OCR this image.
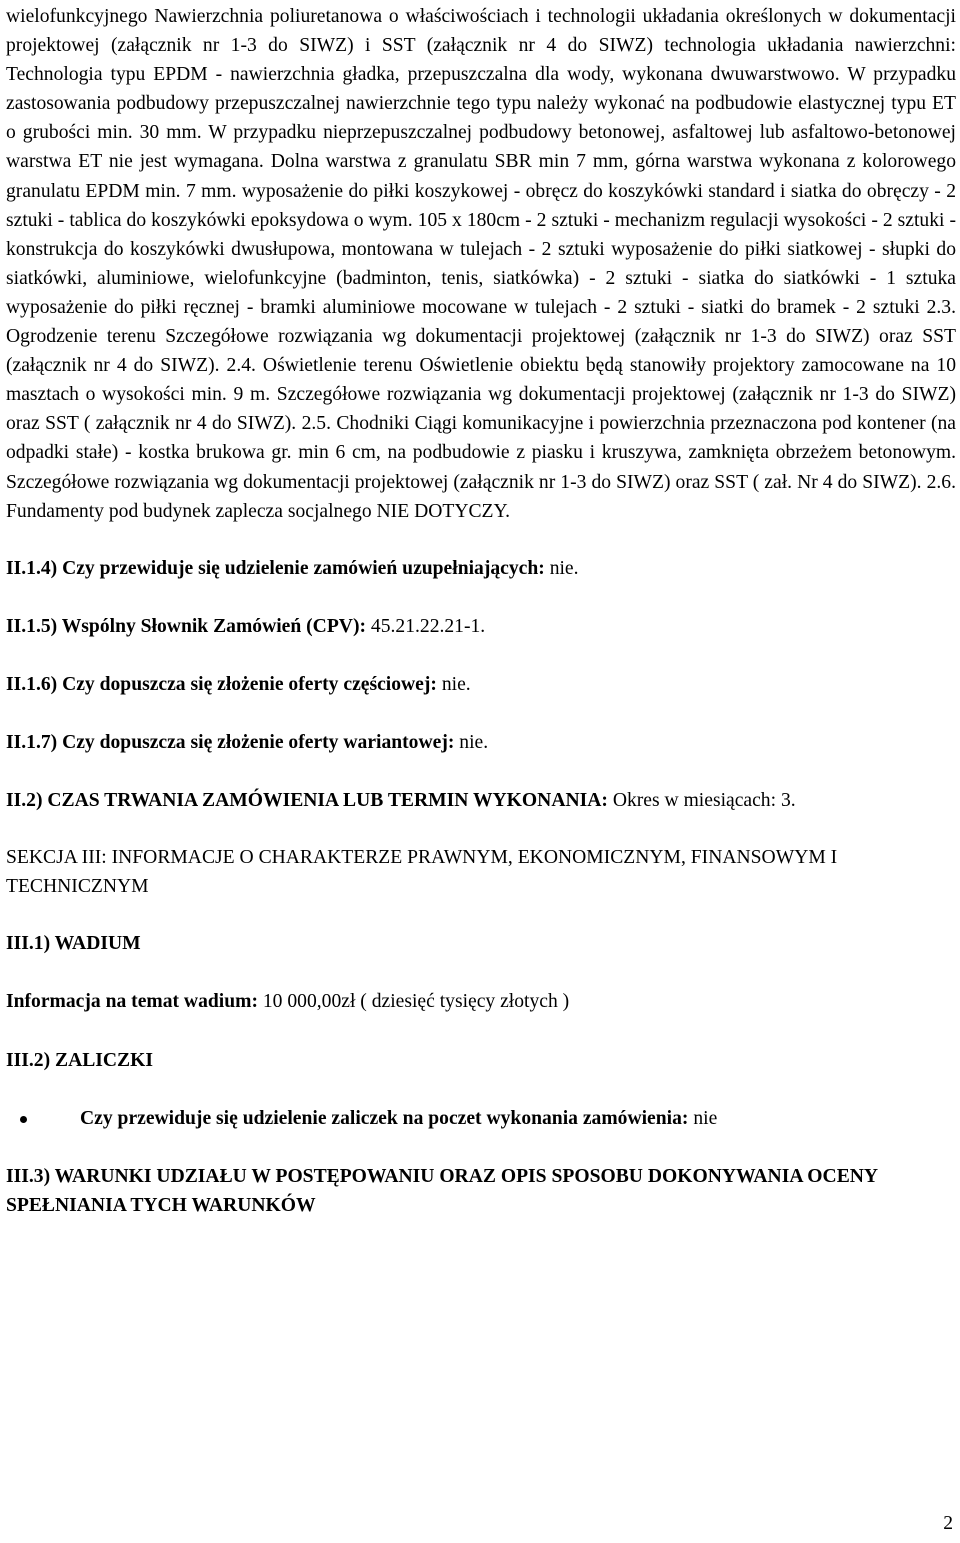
wielofunkcyjnego Nawierzchnia poliuretanowa o właściwościach i technologii układania określonych w dokumentacji projektowej (załącznik nr 1-3 do SIWZ) i SST (załącznik nr 4 do SIWZ) technologia układania nawierzchni: Technologia typu EPDM - nawierzchnia gładka, przepuszczalna dla wody, wykonana dwuwarstwowo. W przypadku zastosowania podbudowy przepuszczalnej nawierzchnie tego typu należy wykonać na podbudowie elastycznej typu ET o grubości min. 30 mm. W przypadku nieprzepuszczalnej podbudowy betonowej, asfaltowej lub asfaltowo-betonowej warstwa ET nie jest wymagana. Dolna warstwa z granulatu SBR min 7 mm, górna warstwa wykonana z kolorowego granulatu EPDM min. 7 mm. wyposażenie do piłki koszykowej - obręcz do koszykówki standard i siatka do obręczy - 2 sztuki - tablica do koszykówki epoksydowa o wym. 105 x 180cm - 2 sztuki - mechanizm regulacji wysokości - 2 sztuki - konstrukcja do koszykówki dwusłupowa, montowana w tulejach - 2 sztuki wyposażenie do piłki siatkowej - słupki do siatkówki, aluminiowe, wielofunkcyjne (badminton, tenis, siatkówka) - 2 sztuki - siatka do siatkówki - 1 sztuka wyposażenie do piłki ręcznej - bramki aluminiowe mocowane w tulejach - 2 sztuki - siatki do bramek - 2 sztuki 2.3. Ogrodzenie terenu Szczegółowe rozwiązania wg dokumentacji projektowej (załącznik nr 1-3 do SIWZ) oraz SST (załącznik nr 4 do SIWZ). 2.4. Oświetlenie terenu Oświetlenie obiektu będą stanowiły projektory zamocowane na 10 masztach o wysokości min. 9 m. Szczegółowe rozwiązania wg dokumentacji projektowej (załącznik nr 1-3 do SIWZ) oraz SST ( załącznik nr 4 do SIWZ). 2.5. Chodniki Ciągi komunikacyjne i powierzchnia przeznaczona pod kontener (na odpadki stałe) - kostka brukowa gr. min 6 cm, na podbudowie z piasku i kruszywa, zamknięta obrzeżem betonowym. Szczegółowe rozwiązania wg dokumentacji projektowej (załącznik nr 1-3 do SIWZ) oraz SST ( zał. Nr 4 do SIWZ). 2.6. Fundamenty pod budynek zaplecza socjalnego NIE DOTYCZY.

II.1.4) Czy przewiduje się udzielenie zamówień uzupełniających: nie.

II.1.5) Wspólny Słownik Zamówień (CPV): 45.21.22.21-1.

II.1.6) Czy dopuszcza się złożenie oferty częściowej: nie.

II.1.7) Czy dopuszcza się złożenie oferty wariantowej: nie.

II.2) CZAS TRWANIA ZAMÓWIENIA LUB TERMIN WYKONANIA: Okres w miesiącach: 3.

SEKCJA III: INFORMACJE O CHARAKTERZE PRAWNYM, EKONOMICZNYM, FINANSOWYM I TECHNICZNYM

III.1) WADIUM

Informacja na temat wadium: 10 000,00zł ( dziesięć tysięcy złotych )

III.2) ZALICZKI

Czy przewiduje się udzielenie zaliczek na poczet wykonania zamówienia: nie

III.3) WARUNKI UDZIAŁU W POSTĘPOWANIU ORAZ OPIS SPOSOBU DOKONYWANIA OCENY SPEŁNIANIA TYCH WARUNKÓW

2
